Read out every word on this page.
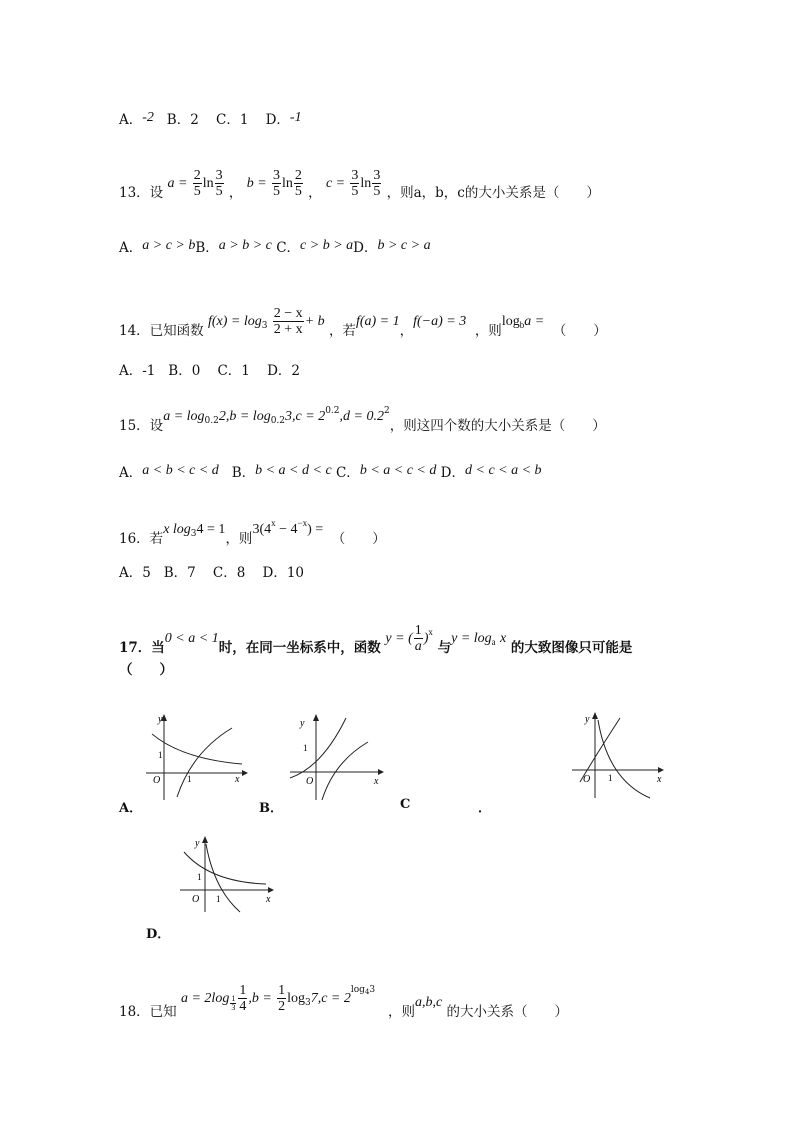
A．-2 B．2 C．1 D．-1
13．设 $a = \frac{2}{5}$ $\ln \frac{3}{5}$ ， $b = \frac{3}{5}$ $\ln \frac{2}{5}$ ， $c = \frac{3}{5}$ $\ln \frac{3}{5}$ ，则a，b，c的大小关系是（　　）
A．a > c > bB．a > b > c C．c > b > aD．b > c > a
14．已知函数 $f(x) = \log_3 \frac{2 - x}{2 + x} + b$ ，若f(a) = 1，f(−a) = 3  ，则$\log_ba$ =  （　　）
A．-1 B．0 C．1 D．2
15．设$a = \log_{0.2}2,b = \log_{0.2}3,c = 2^{0.2},d = 0.2^2$，则这四个数的大小关系是（　　）
A．a < b < c < d B．b < a < d < c C．b < a < c < d D．d < c < a < b
16．若x $\log_34 = 1$，则$3(4^x - 4^{-x})$ =  （　　）
A．5 B．7 C．8 D．10
17．当0 < a < 1时，在同一坐标系中，函数 y = ( $\frac{1}{a} )^x$ 与$y = \log_a x$ 的大致图像只可能是
（　　）
y
x
O
1
1
A．
y
x
O
1
B．
y
x
O 1
C	．
y
x
O
1
1
D．
18．已知 $a = 2\log \frac{1}{3} \frac{1}{4} ,b = \frac{1}{2} \log_37,c = 2^{log_43}$   ，则a,b,c 的大小关系（　　）
